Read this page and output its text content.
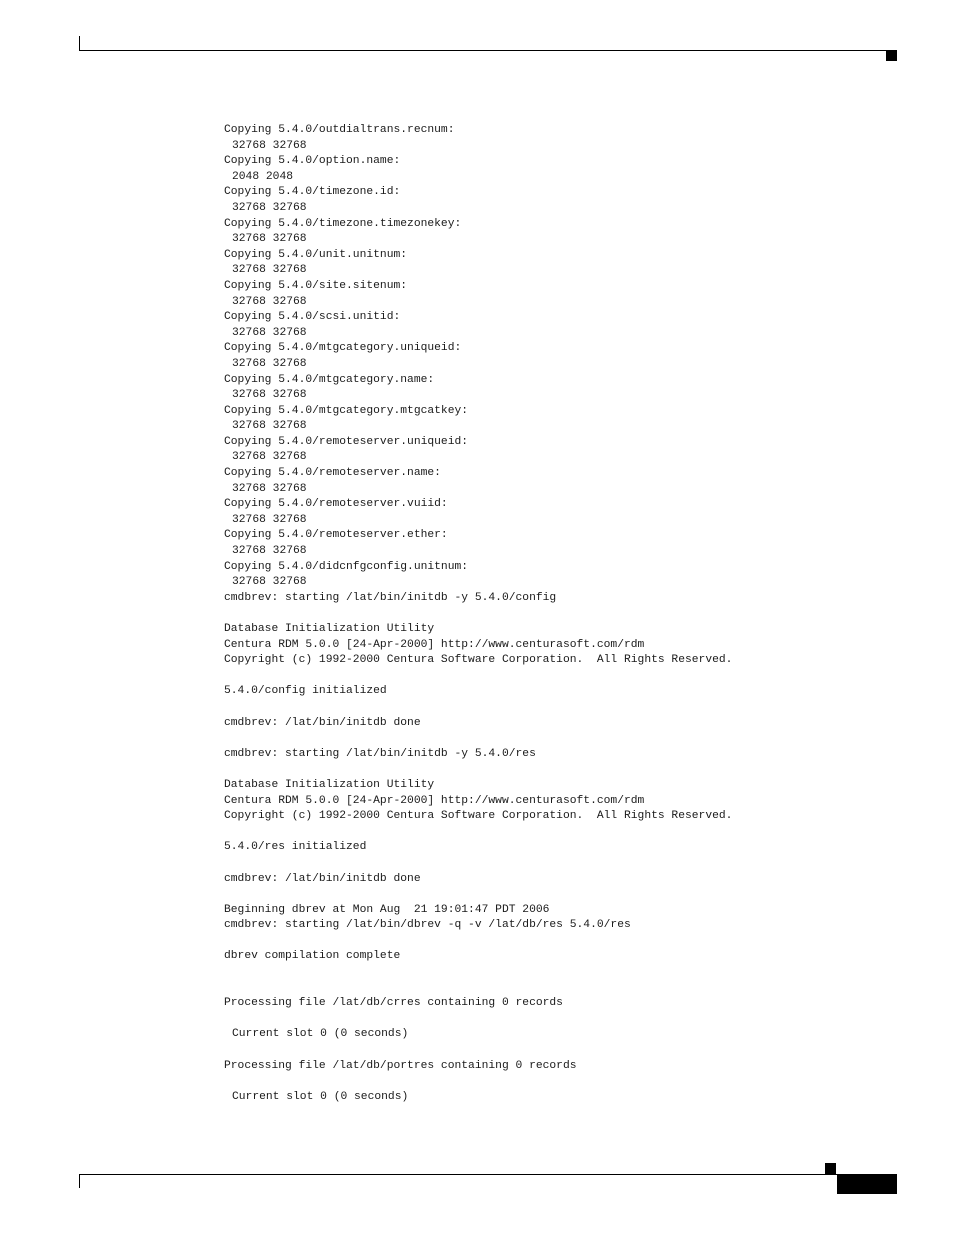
Copying 5.4.0/outdialtrans.recnum:
32768 32768
Copying 5.4.0/option.name:
2048 2048
Copying 5.4.0/timezone.id:
32768 32768
Copying 5.4.0/timezone.timezonekey:
32768 32768
Copying 5.4.0/unit.unitnum:
32768 32768
Copying 5.4.0/site.sitenum:
32768 32768
Copying 5.4.0/scsi.unitid:
32768 32768
Copying 5.4.0/mtgcategory.uniqueid:
32768 32768
Copying 5.4.0/mtgcategory.name:
32768 32768
Copying 5.4.0/mtgcategory.mtgcatkey:
32768 32768
Copying 5.4.0/remoteserver.uniqueid:
32768 32768
Copying 5.4.0/remoteserver.name:
32768 32768
Copying 5.4.0/remoteserver.vuiid:
32768 32768
Copying 5.4.0/remoteserver.ether:
32768 32768
Copying 5.4.0/didcnfgconfig.unitnum:
32768 32768
cmdbrev: starting /lat/bin/initdb -y 5.4.0/config
Database Initialization Utility
Centura RDM 5.0.0 [24-Apr-2000] http://www.centurasoft.com/rdm
Copyright (c) 1992-2000 Centura Software Corporation.  All Rights Reserved.
5.4.0/config initialized
cmdbrev: /lat/bin/initdb done
cmdbrev: starting /lat/bin/initdb -y 5.4.0/res
Database Initialization Utility
Centura RDM 5.0.0 [24-Apr-2000] http://www.centurasoft.com/rdm
Copyright (c) 1992-2000 Centura Software Corporation.  All Rights Reserved.
5.4.0/res initialized
cmdbrev: /lat/bin/initdb done
Beginning dbrev at Mon Aug  21 19:01:47 PDT 2006
cmdbrev: starting /lat/bin/dbrev -q -v /lat/db/res 5.4.0/res
dbrev compilation complete
Processing file /lat/db/crres containing 0 records
Current slot 0 (0 seconds)
Processing file /lat/db/portres containing 0 records
Current slot 0 (0 seconds)
